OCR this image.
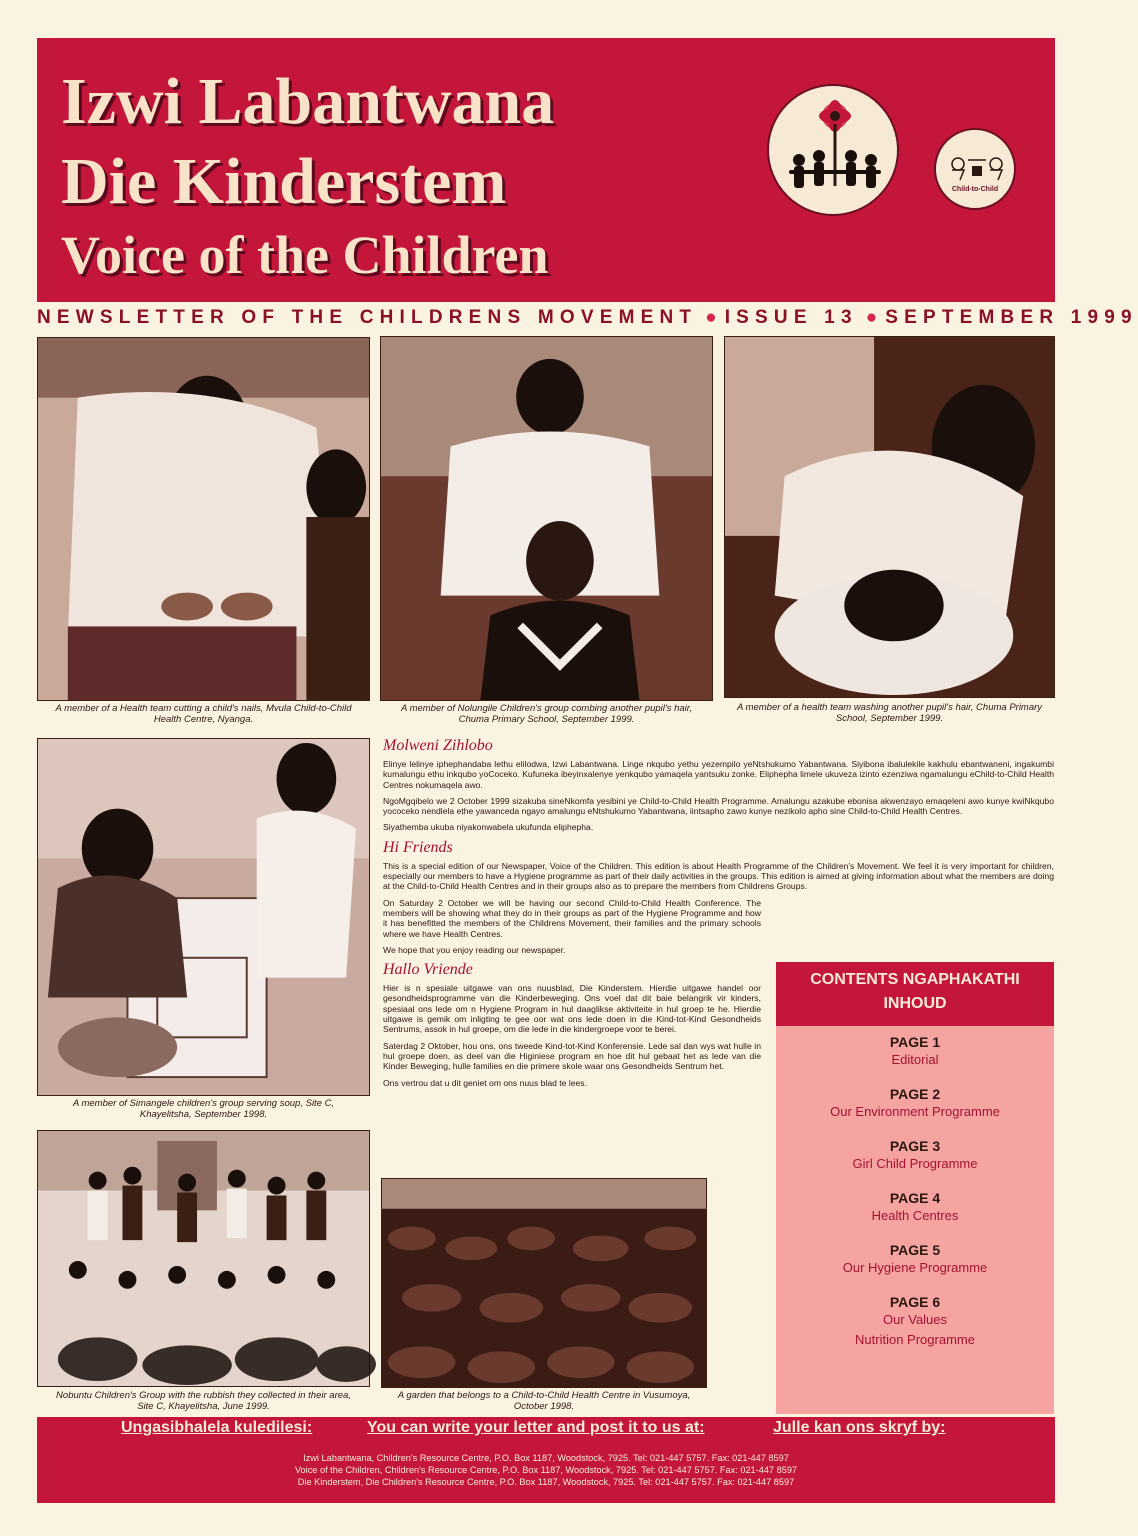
Izwi Labantwana
Die Kinderstem
Voice of the Children
Child-to-Child
NEWSLETTER OF THE CHILDRENS MOVEMENT ● ISSUE 13 ● SEPTEMBER 1999
A member of a Health team cutting a child's nails, Mvula Child-to-Child Health Centre, Nyanga.
A member of Nolungile Children's group combing another pupil's hair, Chuma Primary School, September 1999.
A member of a health team washing another pupil's hair, Chuma Primary School, September 1999.
A member of Simangele children's group serving soup, Site C, Khayelitsha, September 1998.
Nobuntu Children's Group with the rubbish they collected in their area, Site C, Khayelitsha, June 1999.
Molweni Zihlobo
Elinye lelinye iphephandaba lethu elilodwa, Izwi Labantwana. Linge nkqubo yethu yezempilo yeNtshukumo Yabantwana. Siyibona ibalulekile kakhulu ebantwaneni, ingakumbi kumalungu ethu inkqubo yoCoceko. Kufuneka ibeyinxalenye yenkqubo yamaqela yantsuku zonke. Eliphepha limele ukuveza izinto ezenziwa ngamalungu eChild-to-Child Health Centres nokumaqela awo.
NgoMgqibelo we 2 October 1999 sizakuba sineNkomfa yesibini ye Child-to-Child Health Programme. Amalungu azakube ebonisa akwenzayo emaqeleni awo kunye kwiNkqubo yococeko nendlela ethe yawanceda ngayo amalungu eNtshukumo Yabantwana, iintsapho zawo kunye nezikolo apho sine Child-to-Child Health Centres.
Siyathemba ukuba niyakonwabela ukufunda eliphepha.
Hi Friends
This is a special edition of our Newspaper, Voice of the Children. This edition is about Health Programme of the Children's Movement. We feel it is very important for children, especially our members to have a Hygiene programme as part of their daily activities in the groups. This edition is aimed at giving information about what the members are doing at the Child-to-Child Health Centres and in their groups also as to prepare the members from Childrens Groups.
On Saturday 2 October we will be having our second Child-to-Child Health Conference. The members will be showing what they do in their groups as part of the Hygiene Programme and how it has benefitted the members of the Childrens Movement, their families and the primary schools where we have Health Centres.
We hope that you enjoy reading our newspaper.
Hallo Vriende
Hier is n spesiale uitgawe van ons nuusblad, Die Kinderstem. Hierdie uitgawe handel oor gesondheidsprogramme van die Kinderbeweging. Ons voel dat dit baie belangrik vir kinders, spesiaal ons lede om n Hygiene Program in hul daaglikse aktiviteite in hul groep te he. Hierdie uitgawe is gemik om inligting te gee oor wat ons lede doen in die Kind-tot-Kind Gesondheids Sentrums, assok in hul groepe, om die lede in die kindergroepe voor te berei.
Saterdag 2 Oktober, hou ons, ons tweede Kind-tot-Kind Konferensie. Lede sal dan wys wat hulle in hul groepe doen, as deel van die Higiniese program en hoe dit hul gebaat het as lede van die Kinder Beweging, hulle families en die primere skole waar ons Gesondheids Sentrum het.
Ons vertrou dat u dit geniet om ons nuus blad te lees.
A garden that belongs to a Child-to-Child Health Centre in Vusumoya, October 1998.
CONTENTS NGAPHAKATHI
INHOUD
PAGE 1
Editorial
PAGE 2
Our Environment Programme
PAGE 3
Girl Child Programme
PAGE 4
Health Centres
PAGE 5
Our Hygiene Programme
PAGE 6
Our Values
Nutrition Programme
Ungasibhalela kuledilesi:	You can write your letter and post it to us at:	Julle kan ons skryf by:
Izwi Labantwana, Children's Resource Centre, P.O. Box 1187, Woodstock, 7925. Tel: 021-447 5757. Fax: 021-447 8597
Voice of the Children, Children's Resource Centre, P.O. Box 1187, Woodstock, 7925. Tel: 021-447 5757. Fax: 021-447 8597
Die Kinderstem, Die Children's Resource Centre, P.O. Box 1187, Woodstock, 7925. Tel: 021-447 5757. Fax: 021-447 8597
